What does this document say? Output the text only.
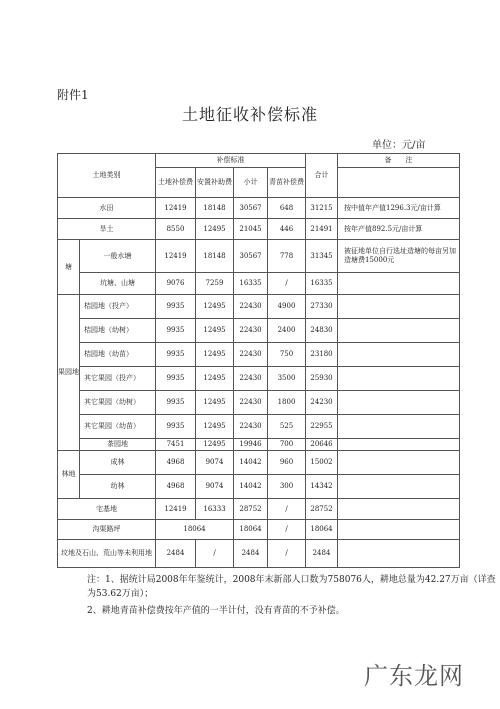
附件1
土地征收补偿标准
单位：元/亩
土地类别		补偿标准				合计	备　　注
		土地补偿费	安置补助费	小计	青苗补偿费		
水田		12419	18148	30567	648	31215	按中值年产值1296.3元/亩计算
旱土		8550	12495	21045	446	21491	按年产值892.5元/亩计算
塘	一般水塘	12419	18148	30567	778	31345	被征地单位自行选址造塘的每亩另加造塘费15000元
	坑塘、山塘	9076	7259	16335	/	16335	
果园地	桔园地（投产）	9935	12495	22430	4900	27330	
	桔园地（幼树）	9935	12495	22430	2400	24830	
	桔园地（幼苗）	9935	12495	22430	750	23180	
	其它果园（投产）	9935	12495	22430	3500	25930	
	其它果园（幼树）	9935	12495	22430	1800	24230	
	其它果园（幼苗）	9935	12495	22430	525	22955	
	茶园地	7451	12495	19946	700	20646	
林地	成林	4968	9074	14042	960	15002	
	幼林	4968	9074	14042	300	14342	
宅基地		12419	16333	28752	/	28752	
沟渠路坪		18064		18064	/	18064	
坟地及石山、荒山等未利用地		2484	/	2484	/	2484	
注：1、据统计局2008年年鉴统计，2008年末新部人口数为758076人，耕地总量为42.27万亩（详查为53.62万亩）；
2、耕地青苗补偿费按年产值的一半计付，没有青苗的不予补偿。
广东龙网
